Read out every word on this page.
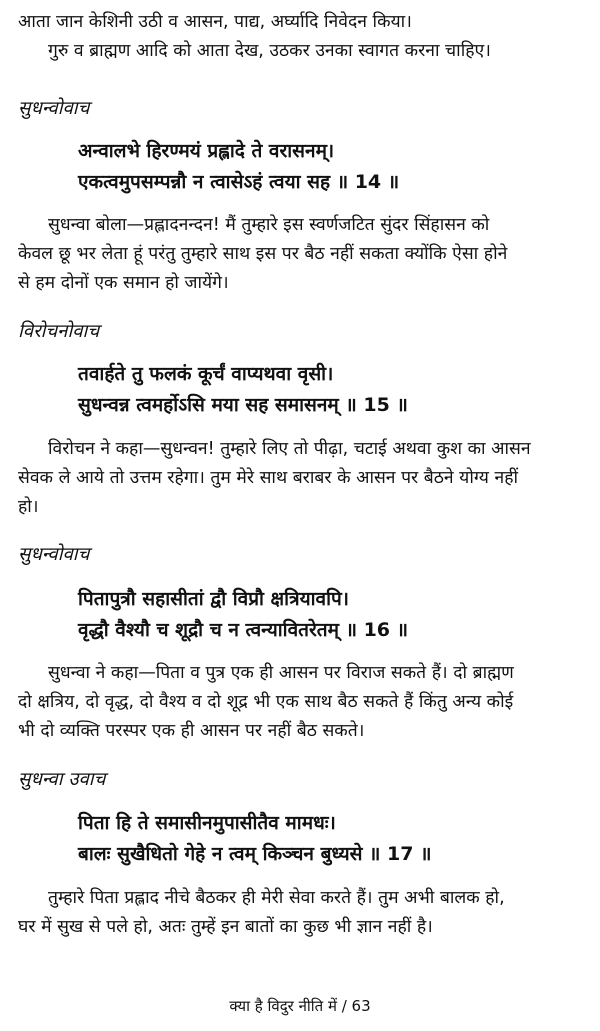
आता जान केशिनी उठी व आसन, पाद्य, अर्घ्यादि निवेदन किया।
गुरु व ब्राह्मण आदि को आता देख, उठकर उनका स्वागत करना चाहिए।

सुधन्वोवाच

अन्वालभे हिरण्मयं प्रह्लादे ते वरासनम्।
एकत्वमुपसम्पन्नौ न त्वासेऽहं त्वया सह ॥ 14 ॥
सुधन्वा बोला—प्रह्लादनन्दन! मैं तुम्हारे इस स्वर्णजटित सुंदर सिंहासन को
केवल छू भर लेता हूं परंतु तुम्हारे साथ इस पर बैठ नहीं सकता क्योंकि ऐसा होने
से हम दोनों एक समान हो जायेंगे।

विरोचनोवाच

तवार्हते तु फलकं कूर्चं वाप्यथवा वृसी।
सुधन्वन्न त्वमर्होऽसि मया सह समासनम् ॥ 15 ॥
विरोचन ने कहा—सुधन्वन! तुम्हारे लिए तो पीढ़ा, चटाई अथवा कुश का आसन
सेवक ले आये तो उत्तम रहेगा। तुम मेरे साथ बराबर के आसन पर बैठने योग्य नहीं
हो।

सुधन्वोवाच

पितापुत्रौ सहासीतां द्वौ विप्रौ क्षत्रियावपि।
वृद्धौ वैश्यौ च शूद्रौ च न त्वन्यावितरेतम् ॥ 16 ॥
सुधन्वा ने कहा—पिता व पुत्र एक ही आसन पर विराज सकते हैं। दो ब्राह्मण
दो क्षत्रिय, दो वृद्ध, दो वैश्य व दो शूद्र भी एक साथ बैठ सकते हैं किंतु अन्य कोई
भी दो व्यक्ति परस्पर एक ही आसन पर नहीं बैठ सकते।

सुधन्वा उवाच

पिता हि ते समासीनमुपासीतैव मामधः।
बालः सुखैधितो गेहे न त्वम् किञ्चन बुध्यसे ॥ 17 ॥
तुम्हारे पिता प्रह्लाद नीचे बैठकर ही मेरी सेवा करते हैं। तुम अभी बालक हो,
घर में सुख से पले हो, अतः तुम्हें इन बातों का कुछ भी ज्ञान नहीं है।
क्या है विदुर नीति में / 63
